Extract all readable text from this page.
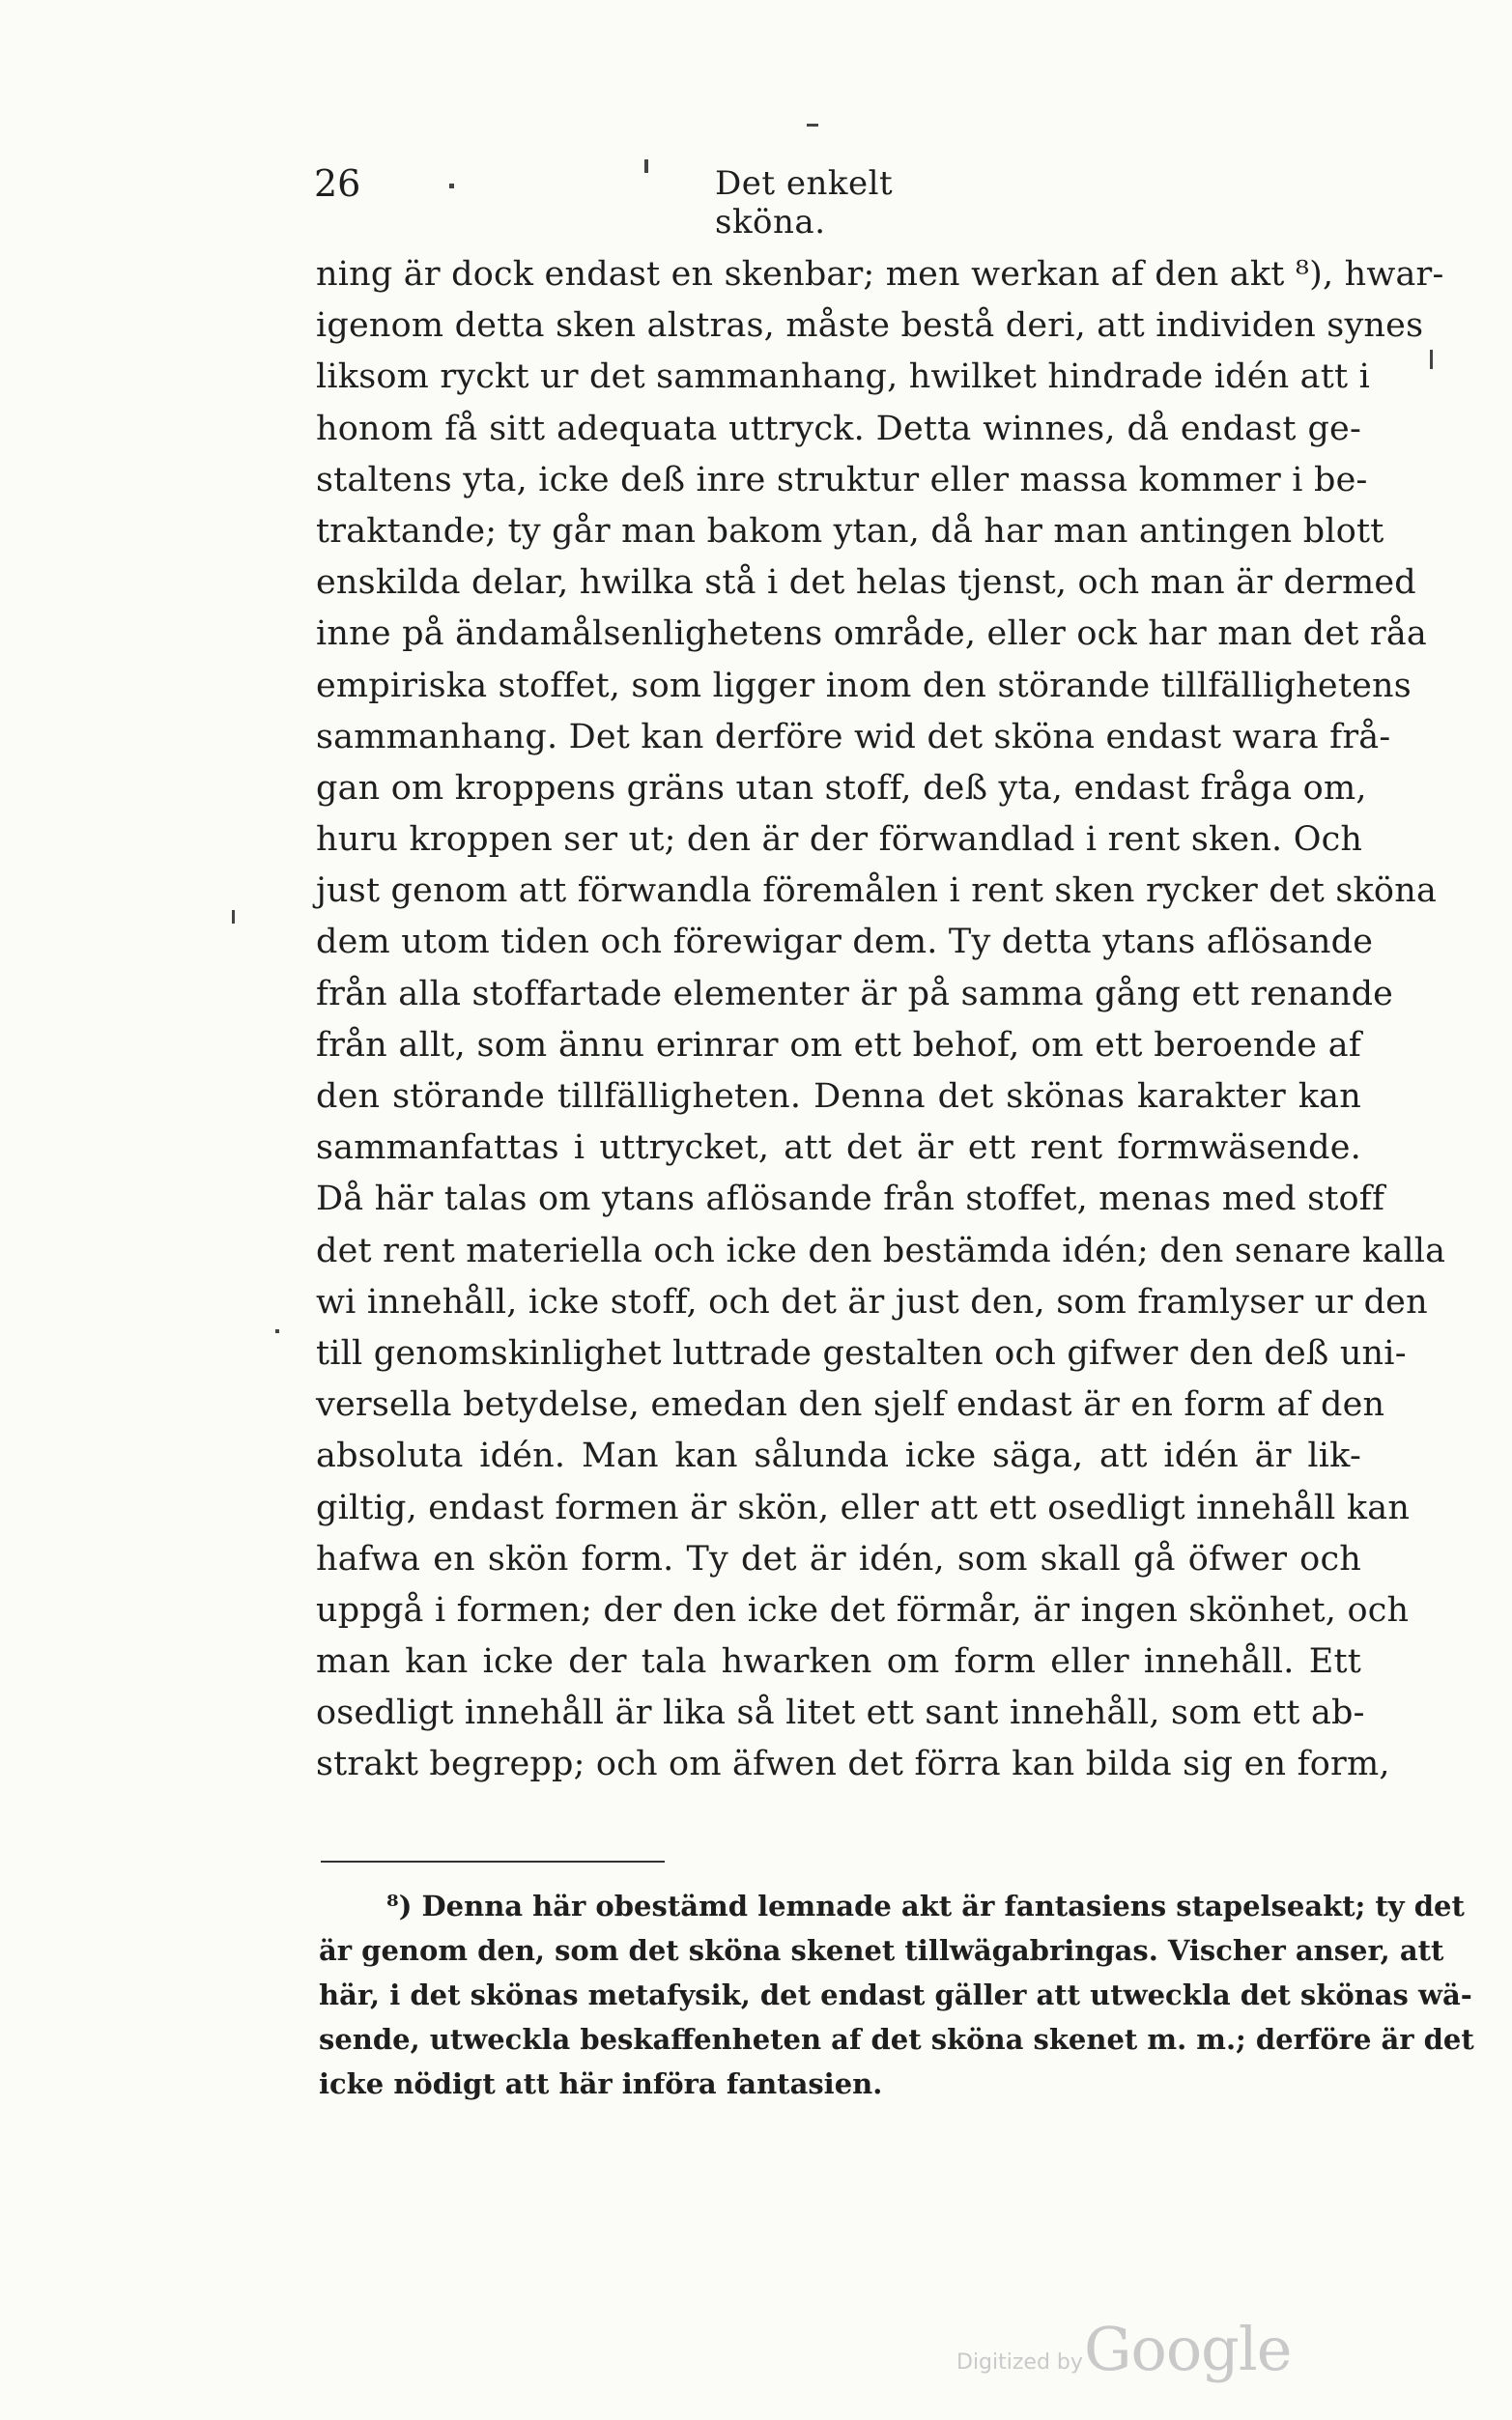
26	Det enkelt sköna.
ning är dock endast en skenbar; men werkan af den akt ⁸), hwar-
igenom detta sken alstras, måste bestå deri, att individen synes
liksom ryckt ur det sammanhang, hwilket hindrade idén att i
honom få sitt adequata uttryck. Detta winnes, då endast ge-
staltens yta, icke deß inre struktur eller massa kommer i be-
traktande; ty går man bakom ytan, då har man antingen blott
enskilda delar, hwilka stå i det helas tjenst, och man är dermed
inne på ändamålsenlighetens område, eller ock har man det råa
empiriska stoffet, som ligger inom den störande tillfällighetens
sammanhang. Det kan derföre wid det sköna endast wara frå-
gan om kroppens gräns utan stoff, deß yta, endast fråga om,
huru kroppen ser ut; den är der förwandlad i rent sken. Och
just genom att förwandla föremålen i rent sken rycker det sköna
dem utom tiden och förewigar dem. Ty detta ytans aflösande
från alla stoffartade elementer är på samma gång ett renande
från allt, som ännu erinrar om ett behof, om ett beroende af
den störande tillfälligheten. Denna det skönas karakter kan
sammanfattas i uttrycket, att det är ett rent formwäsende.
Då här talas om ytans aflösande från stoffet, menas med stoff
det rent materiella och icke den bestämda idén; den senare kalla
wi innehåll, icke stoff, och det är just den, som framlyser ur den
till genomskinlighet luttrade gestalten och gifwer den deß uni-
versella betydelse, emedan den sjelf endast är en form af den
absoluta idén. Man kan sålunda icke säga, att idén är lik-
giltig, endast formen är skön, eller att ett osedligt innehåll kan
hafwa en skön form. Ty det är idén, som skall gå öfwer och
uppgå i formen; der den icke det förmår, är ingen skönhet, och
man kan icke der tala hwarken om form eller innehåll. Ett
osedligt innehåll är lika så litet ett sant innehåll, som ett ab-
strakt begrepp; och om äfwen det förra kan bilda sig en form,
⁸) Denna här obestämd lemnade akt är fantasiens stapelseakt; ty det
är genom den, som det sköna skenet tillwägabringas. Vischer anser, att
här, i det skönas metafysik, det endast gäller att utweckla det skönas wä-
sende, utweckla beskaffenheten af det sköna skenet m. m.; derföre är det
icke nödigt att här införa fantasien.
Digitized by Google
